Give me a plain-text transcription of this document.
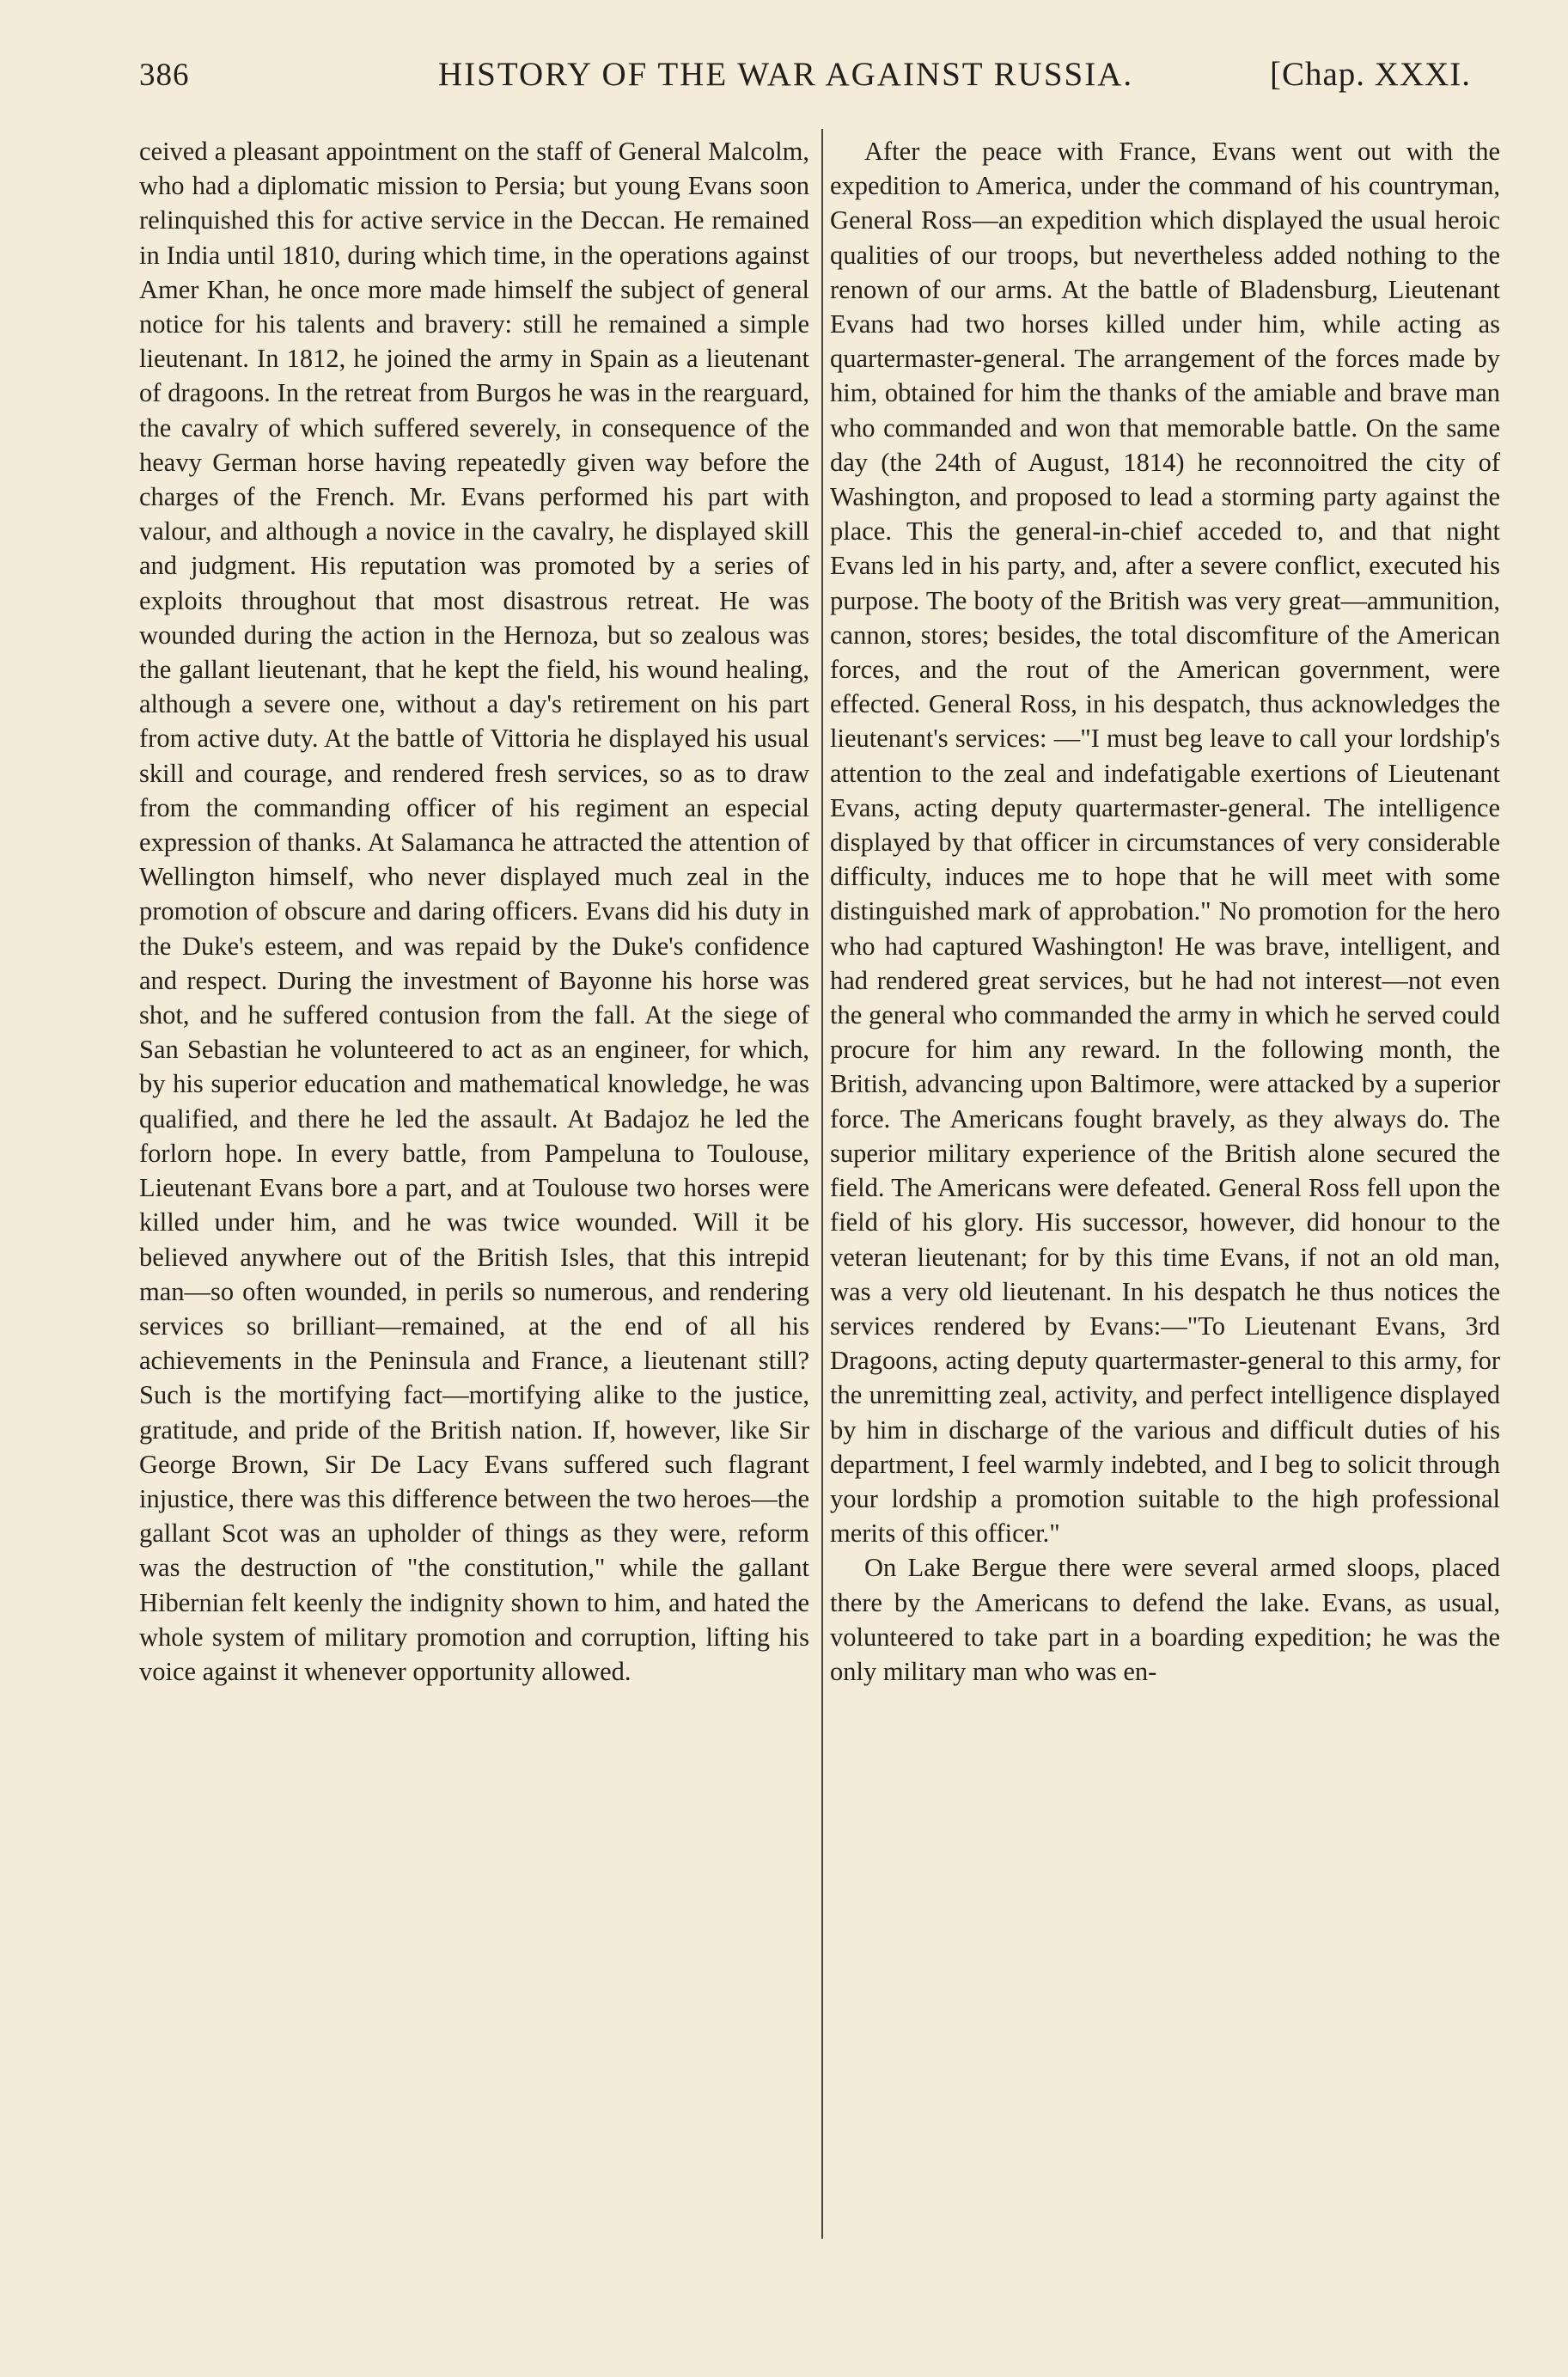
386	HISTORY OF THE WAR AGAINST RUSSIA.	[Chap. XXXI.

ceived a pleasant appointment on the staff of General Malcolm, who had a diplomatic mission to Persia; but young Evans soon relinquished this for active service in the Deccan. He remained in India until 1810, during which time, in the operations against Amer Khan, he once more made himself the subject of general notice for his talents and bravery: still he remained a simple lieutenant. In 1812, he joined the army in Spain as a lieutenant of dragoons. In the retreat from Burgos he was in the rearguard, the cavalry of which suffered severely, in consequence of the heavy German horse having repeatedly given way before the charges of the French. Mr. Evans performed his part with valour, and although a novice in the cavalry, he displayed skill and judgment. His reputation was promoted by a series of exploits throughout that most disastrous retreat. He was wounded during the action in the Hernoza, but so zealous was the gallant lieutenant, that he kept the field, his wound healing, although a severe one, without a day's retirement on his part from active duty. At the battle of Vittoria he displayed his usual skill and courage, and rendered fresh services, so as to draw from the commanding officer of his regiment an especial expression of thanks. At Salamanca he attracted the attention of Wellington himself, who never displayed much zeal in the promotion of obscure and daring officers. Evans did his duty in the Duke's esteem, and was repaid by the Duke's confidence and respect. During the investment of Bayonne his horse was shot, and he suffered contusion from the fall. At the siege of San Sebastian he volunteered to act as an engineer, for which, by his superior education and mathematical knowledge, he was qualified, and there he led the assault. At Badajoz he led the forlorn hope. In every battle, from Pampeluna to Toulouse, Lieutenant Evans bore a part, and at Toulouse two horses were killed under him, and he was twice wounded. Will it be believed anywhere out of the British Isles, that this intrepid man—so often wounded, in perils so numerous, and rendering services so brilliant—remained, at the end of all his achievements in the Peninsula and France, a lieutenant still? Such is the mortifying fact—mortifying alike to the justice, gratitude, and pride of the British nation. If, however, like Sir George Brown, Sir De Lacy Evans suffered such flagrant injustice, there was this difference between the two heroes—the gallant Scot was an upholder of things as they were, reform was the destruction of "the constitution," while the gallant Hibernian felt keenly the indignity shown to him, and hated the whole system of military promotion and corruption, lifting his voice against it whenever opportunity allowed.

After the peace with France, Evans went out with the expedition to America, under the command of his countryman, General Ross—an expedition which displayed the usual heroic qualities of our troops, but nevertheless added nothing to the renown of our arms. At the battle of Bladensburg, Lieutenant Evans had two horses killed under him, while acting as quartermaster-general. The arrangement of the forces made by him, obtained for him the thanks of the amiable and brave man who commanded and won that memorable battle. On the same day (the 24th of August, 1814) he reconnoitred the city of Washington, and proposed to lead a storming party against the place. This the general-in-chief acceded to, and that night Evans led in his party, and, after a severe conflict, executed his purpose. The booty of the British was very great—ammunition, cannon, stores; besides, the total discomfiture of the American forces, and the rout of the American government, were effected. General Ross, in his despatch, thus acknowledges the lieutenant's services: —"I must beg leave to call your lordship's attention to the zeal and indefatigable exertions of Lieutenant Evans, acting deputy quartermaster-general. The intelligence displayed by that officer in circumstances of very considerable difficulty, induces me to hope that he will meet with some distinguished mark of approbation." No promotion for the hero who had captured Washington! He was brave, intelligent, and had rendered great services, but he had not interest—not even the general who commanded the army in which he served could procure for him any reward. In the following month, the British, advancing upon Baltimore, were attacked by a superior force. The Americans fought bravely, as they always do. The superior military experience of the British alone secured the field. The Americans were defeated. General Ross fell upon the field of his glory. His successor, however, did honour to the veteran lieutenant; for by this time Evans, if not an old man, was a very old lieutenant. In his despatch he thus notices the services rendered by Evans:—"To Lieutenant Evans, 3rd Dragoons, acting deputy quartermaster-general to this army, for the unremitting zeal, activity, and perfect intelligence displayed by him in discharge of the various and difficult duties of his department, I feel warmly indebted, and I beg to solicit through your lordship a promotion suitable to the high professional merits of this officer."

On Lake Bergue there were several armed sloops, placed there by the Americans to defend the lake. Evans, as usual, volunteered to take part in a boarding expedition; he was the only military man who was en-
